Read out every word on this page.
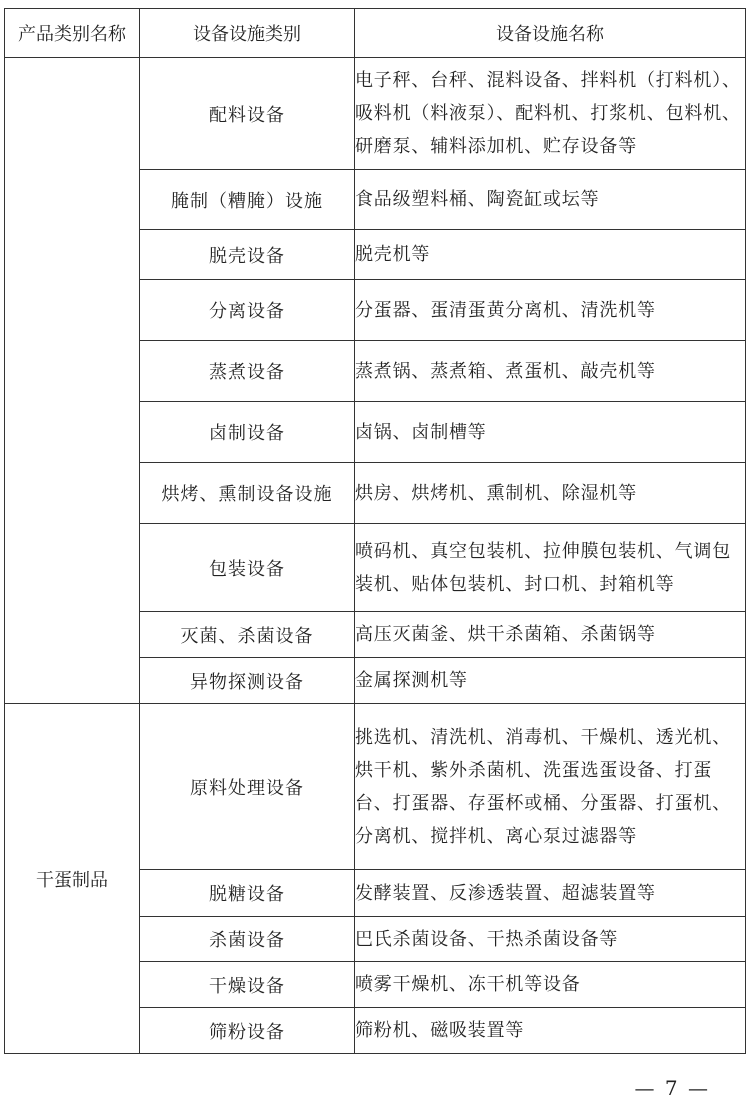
产品类别名称	设备设施类别	设备设施名称
	配料设备	电子秤、台秤、混料设备、拌料机（打料机）、吸料机（料液泵）、配料机、打浆机、包料机、研磨泵、辅料添加机、贮存设备等
	腌制（糟腌）设施	食品级塑料桶、陶瓷缸或坛等
	脱壳设备	脱壳机等
	分离设备	分蛋器、蛋清蛋黄分离机、清洗机等
	蒸煮设备	蒸煮锅、蒸煮箱、煮蛋机、敲壳机等
	卤制设备	卤锅、卤制槽等
	烘烤、熏制设备设施	烘房、烘烤机、熏制机、除湿机等
	包装设备	喷码机、真空包装机、拉伸膜包装机、气调包装机、贴体包装机、封口机、封箱机等
	灭菌、杀菌设备	高压灭菌釜、烘干杀菌箱、杀菌锅等
	异物探测设备	金属探测机等
干蛋制品	原料处理设备	挑选机、清洗机、消毒机、干燥机、透光机、烘干机、紫外杀菌机、洗蛋选蛋设备、打蛋台、打蛋器、存蛋杯或桶、分蛋器、打蛋机、分离机、搅拌机、离心泵过滤器等
	脱糖设备	发酵装置、反渗透装置、超滤装置等
	杀菌设备	巴氏杀菌设备、干热杀菌设备等
	干燥设备	喷雾干燥机、冻干机等设备
	筛粉设备	筛粉机、磁吸装置等
— 7 —
